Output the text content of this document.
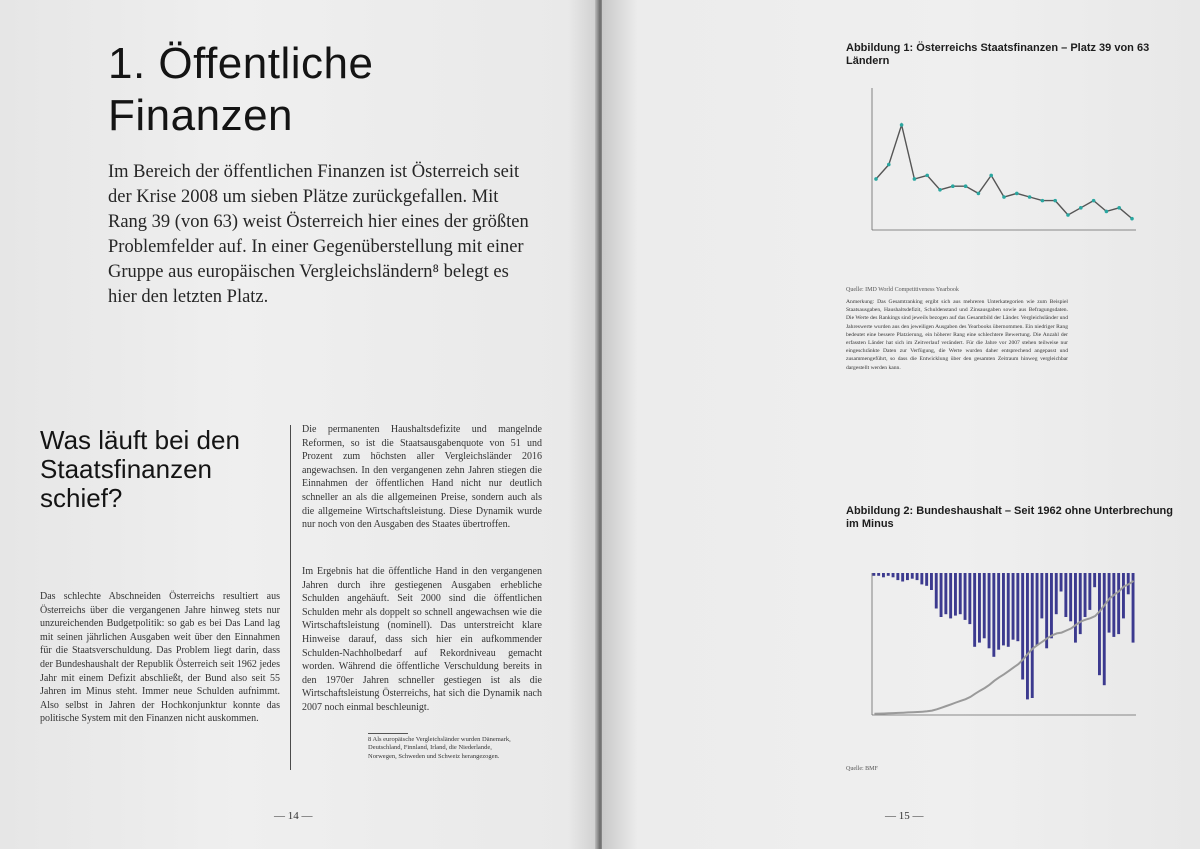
1. Öffentliche Finanzen

Im Bereich der öffentlichen Finanzen ist Österreich seit der Krise 2008 um sieben Plätze zurückgefallen. Mit Rang 39 (von 63) weist Österreich hier eines der größten Problemfelder auf. In einer Gegenüberstellung mit einer Gruppe aus europäischen Vergleichsländern⁸ belegt es hier den letzten Platz.

Was läuft bei den Staatsfinanzen schief?

Das schlechte Abschneiden Österreichs resultiert aus Österreichs über die vergangenen Jahre hinweg stets nur unzureichenden Budgetpolitik: so gab es bei Das Land lag mit seinen jährlichen Ausgaben weit über den Einnahmen für die Staatsverschuldung. Das Problem liegt darin, dass der Bundeshaushalt der Republik Österreich seit 1962 jedes Jahr mit einem Defizit abschließt, der Bund also seit 55 Jahren im Minus steht. Immer neue Schulden aufnimmt. Also selbst in Jahren der Hochkonjunktur konnte das politische System mit den Finanzen nicht auskommen.

Die permanenten Haushaltsdefizite und mangelnde Reformen, so ist die Staatsausgabenquote von 51 und Prozent zum höchsten aller Vergleichsländer 2016 angewachsen. In den vergangenen zehn Jahren stiegen die Einnahmen der öffentlichen Hand nicht nur deutlich schneller an als die allgemeinen Preise, sondern auch als die allgemeine Wirtschaftsleistung. Diese Dynamik wurde nur noch von den Ausgaben des Staates übertroffen.

Im Ergebnis hat die öffentliche Hand in den vergangenen Jahren durch ihre gestiegenen Ausgaben erhebliche Schulden angehäuft. Seit 2000 sind die öffentlichen Schulden mehr als doppelt so schnell angewachsen wie die Wirtschaftsleistung (nominell). Das unterstreicht klare Hinweise darauf, dass sich hier ein aufkommender Schulden-Nachholbedarf auf Rekordniveau gemacht worden. Während die öffentliche Verschuldung bereits in den 1970er Jahren schneller gestiegen ist als die Wirtschaftsleistung Österreichs, hat sich die Dynamik nach 2007 noch einmal beschleunigt.

8 Als europäische Vergleichsländer wurden Dänemark, Deutschland, Finnland, Irland, die Niederlande, Norwegen, Schweden und Schweiz herangezogen.

— 14 —
Abbildung 1: Österreichs Staatsfinanzen – Platz 39 von 63 Ländern

Quelle: IMD World Competitiveness Yearbook

Anmerkung: Das Gesamtranking ergibt sich aus mehreren Unterkategorien wie zum Beispiel Staatsausgaben, Haushaltsdefizit, Schuldenstand und Zinsausgaben sowie aus Befragungsdaten. Die Werte des Rankings sind jeweils bezogen auf das Gesamtbild der Länder. Vergleichsländer und Jahreswerte wurden aus den jeweiligen Ausgaben des Yearbooks übernommen. Ein niedriger Rang bedeutet eine bessere Platzierung, ein höherer Rang eine schlechtere Bewertung. Die Anzahl der erfassten Länder hat sich im Zeitverlauf verändert. Für die Jahre vor 2007 stehen teilweise nur eingeschränkte Daten zur Verfügung, die Werte wurden daher entsprechend angepasst und zusammengeführt, so dass die Entwicklung über den gesamten Zeitraum hinweg vergleichbar dargestellt werden kann.

Abbildung 2: Bundeshaushalt – Seit 1962 ohne Unterbrechung im Minus

Quelle: BMF

— 15 —
